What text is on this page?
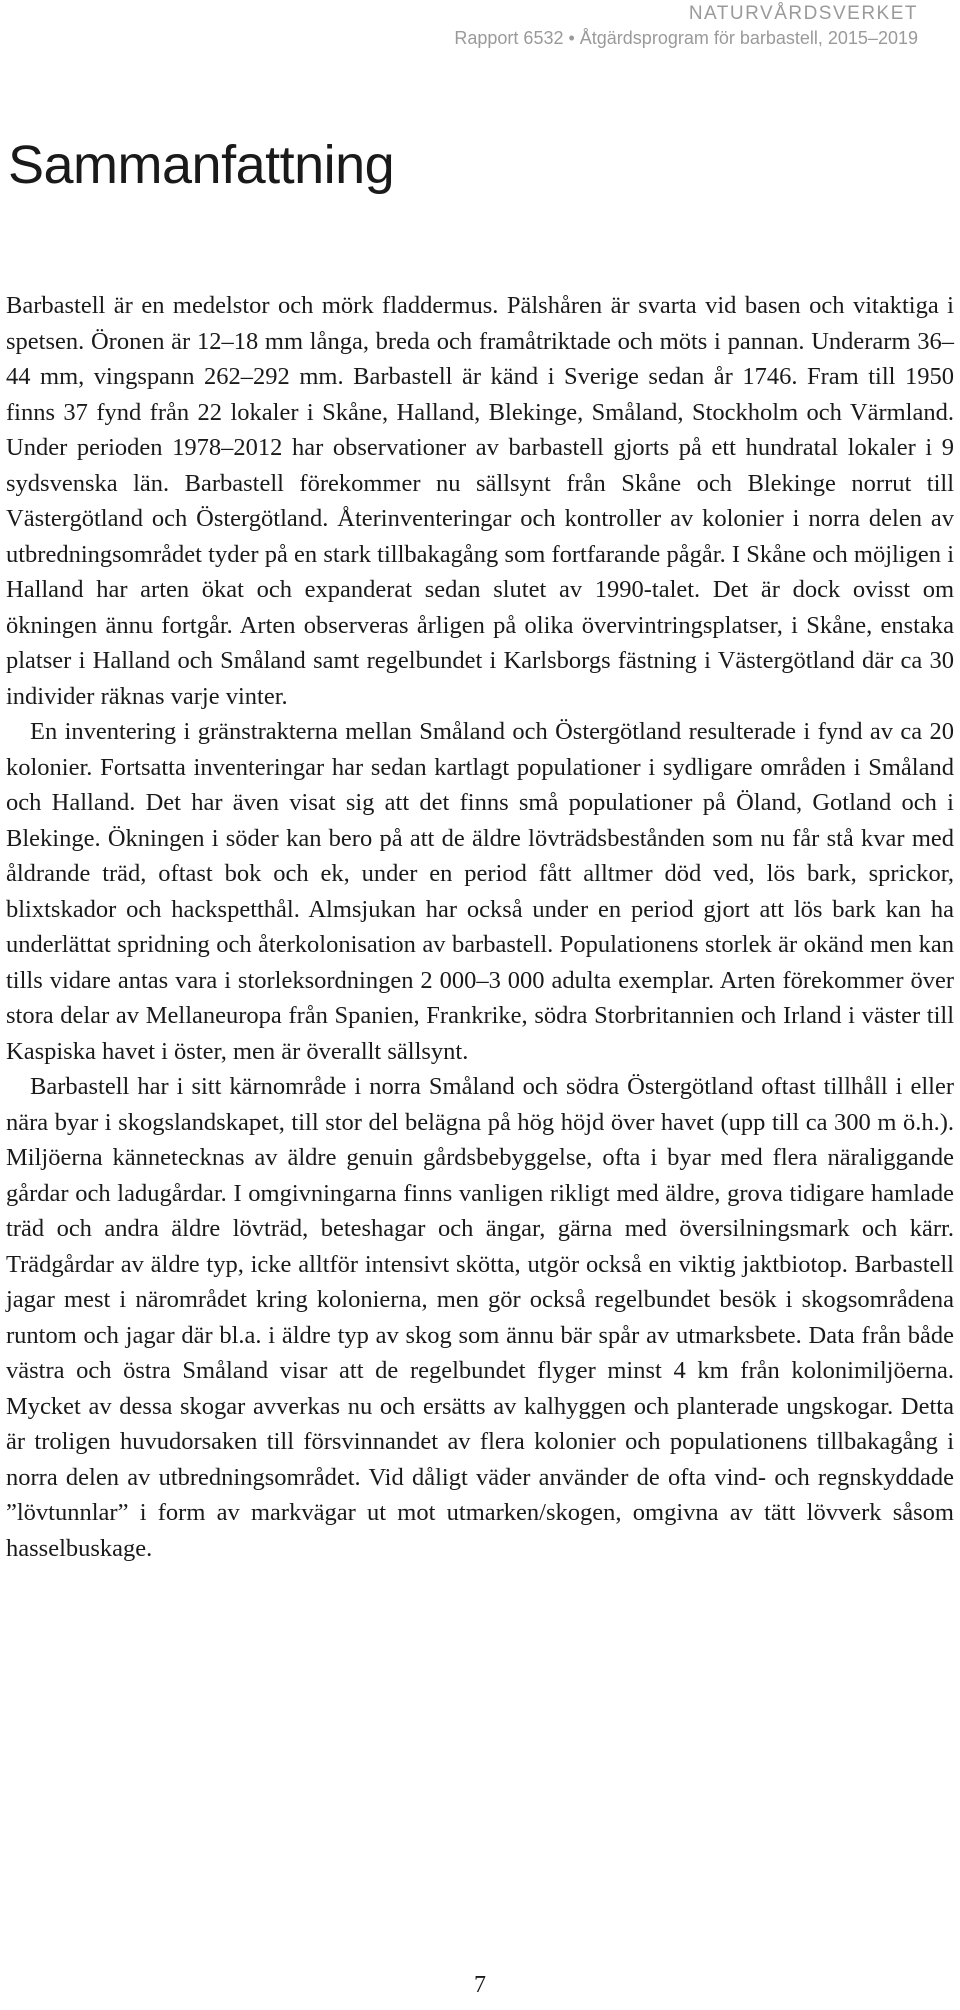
NATURVÅRDSVERKET
Rapport 6532 • Åtgärdsprogram för barbastell, 2015–2019
Sammanfattning

Barbastell är en medelstor och mörk fladdermus. Pälshåren är svarta vid basen och vitaktiga i spetsen. Öronen är 12–18 mm långa, breda och framåtriktade och möts i pannan. Underarm 36–44 mm, vingspann 262–292 mm. Barbastell är känd i Sverige sedan år 1746. Fram till 1950 finns 37 fynd från 22 lokaler i Skåne, Halland, Blekinge, Småland, Stockholm och Värmland. Under perioden 1978–2012 har observationer av barbastell gjorts på ett hundratal lokaler i 9 sydsvenska län. Barbastell förekommer nu sällsynt från Skåne och Blekinge norrut till Västergötland och Östergötland. Återinventeringar och kontroller av kolonier i norra delen av utbredningsområdet tyder på en stark tillbakagång som fortfarande pågår. I Skåne och möjligen i Halland har arten ökat och expanderat sedan slutet av 1990-talet. Det är dock ovisst om ökningen ännu fortgår. Arten observeras årligen på olika övervintringsplatser, i Skåne, enstaka platser i Halland och Småland samt regelbundet i Karlsborgs fästning i Västergötland där ca 30 individer räknas varje vinter.

En inventering i gränstrakterna mellan Småland och Östergötland resulterade i fynd av ca 20 kolonier. Fortsatta inventeringar har sedan kartlagt populationer i sydligare områden i Småland och Halland. Det har även visat sig att det finns små populationer på Öland, Gotland och i Blekinge. Ökningen i söder kan bero på att de äldre lövträdsbestånden som nu får stå kvar med åldrande träd, oftast bok och ek, under en period fått alltmer död ved, lös bark, sprickor, blixtskador och hackspetthål. Almsjukan har också under en period gjort att lös bark kan ha underlättat spridning och återkolonisation av barbastell. Populationens storlek är okänd men kan tills vidare antas vara i storleksordningen 2 000–3 000 adulta exemplar. Arten förekommer över stora delar av Mellaneuropa från Spanien, Frankrike, södra Storbritannien och Irland i väster till Kaspiska havet i öster, men är överallt sällsynt.

Barbastell har i sitt kärnområde i norra Småland och södra Östergötland oftast tillhåll i eller nära byar i skogslandskapet, till stor del belägna på hög höjd över havet (upp till ca 300 m ö.h.). Miljöerna kännetecknas av äldre genuin gårdsbebyggelse, ofta i byar med flera näraliggande gårdar och ladugårdar. I omgivningarna finns vanligen rikligt med äldre, grova tidigare hamlade träd och andra äldre lövträd, beteshagar och ängar, gärna med översilningsmark och kärr. Trädgårdar av äldre typ, icke alltför intensivt skötta, utgör också en viktig jaktbiotop. Barbastell jagar mest i närområdet kring kolonierna, men gör också regelbundet besök i skogsområdena runtom och jagar där bl.a. i äldre typ av skog som ännu bär spår av utmarksbete. Data från både västra och östra Småland visar att de regelbundet flyger minst 4 km från kolonimiljöerna. Mycket av dessa skogar avverkas nu och ersätts av kalhyggen och planterade ungskogar. Detta är troligen huvudorsaken till försvinnandet av flera kolonier och populationens tillbakagång i norra delen av utbredningsområdet. Vid dåligt väder använder de ofta vind- och regnskyddade ”lövtunnlar” i form av markvägar ut mot utmarken/skogen, omgivna av tätt lövverk såsom hasselbuskage.

7
